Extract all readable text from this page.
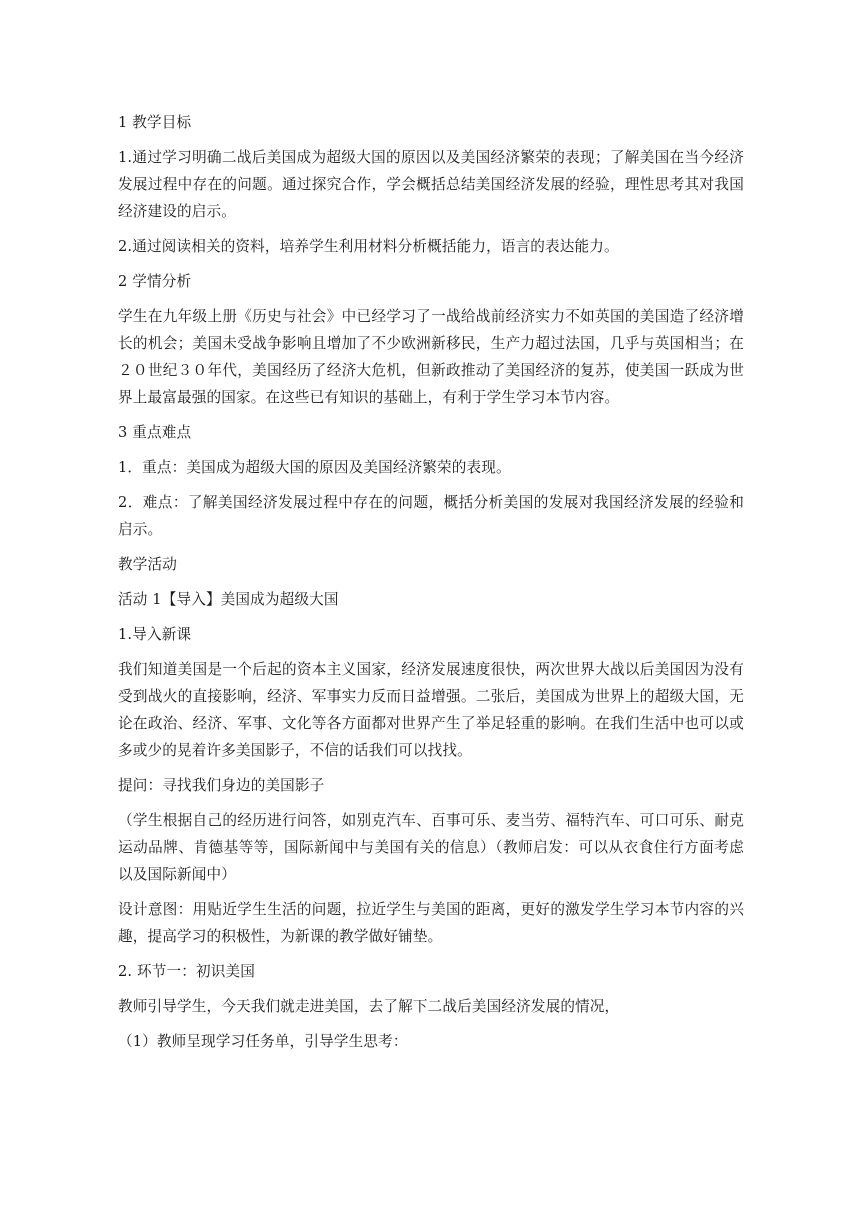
1 教学目标

1.通过学习明确二战后美国成为超级大国的原因以及美国经济繁荣的表现；了解美国在当今经济发展过程中存在的问题。通过探究合作，学会概括总结美国经济发展的经验，理性思考其对我国经济建设的启示。

2.通过阅读相关的资料，培养学生利用材料分析概括能力，语言的表达能力。

2 学情分析

学生在九年级上册《历史与社会》中已经学习了一战给战前经济实力不如英国的美国造了经济增长的机会；美国未受战争影响且增加了不少欧洲新移民，生产力超过法国，几乎与英国相当；在２０世纪３０年代，美国经历了经济大危机，但新政推动了美国经济的复苏，使美国一跃成为世界上最富最强的国家。在这些已有知识的基础上，有利于学生学习本节内容。

3 重点难点

1．重点：美国成为超级大国的原因及美国经济繁荣的表现。

2．难点：了解美国经济发展过程中存在的问题，概括分析美国的发展对我国经济发展的经验和启示。

教学活动

活动 1【导入】美国成为超级大国

1.导入新课

我们知道美国是一个后起的资本主义国家，经济发展速度很快，两次世界大战以后美国因为没有受到战火的直接影响，经济、军事实力反而日益增强。二张后，美国成为世界上的超级大国，无论在政治、经济、军事、文化等各方面都对世界产生了举足轻重的影响。在我们生活中也可以或多或少的晃着许多美国影子，不信的话我们可以找找。

提问：寻找我们身边的美国影子

（学生根据自己的经历进行问答，如别克汽车、百事可乐、麦当劳、福特汽车、可口可乐、耐克运动品牌、肯德基等等，国际新闻中与美国有关的信息）（教师启发：可以从衣食住行方面考虑以及国际新闻中）

设计意图：用贴近学生生活的问题，拉近学生与美国的距离，更好的激发学生学习本节内容的兴趣，提高学习的积极性，为新课的教学做好铺垫。

2. 环节一：初识美国

教师引导学生，今天我们就走进美国，去了解下二战后美国经济发展的情况，

（1）教师呈现学习任务单，引导学生思考：
